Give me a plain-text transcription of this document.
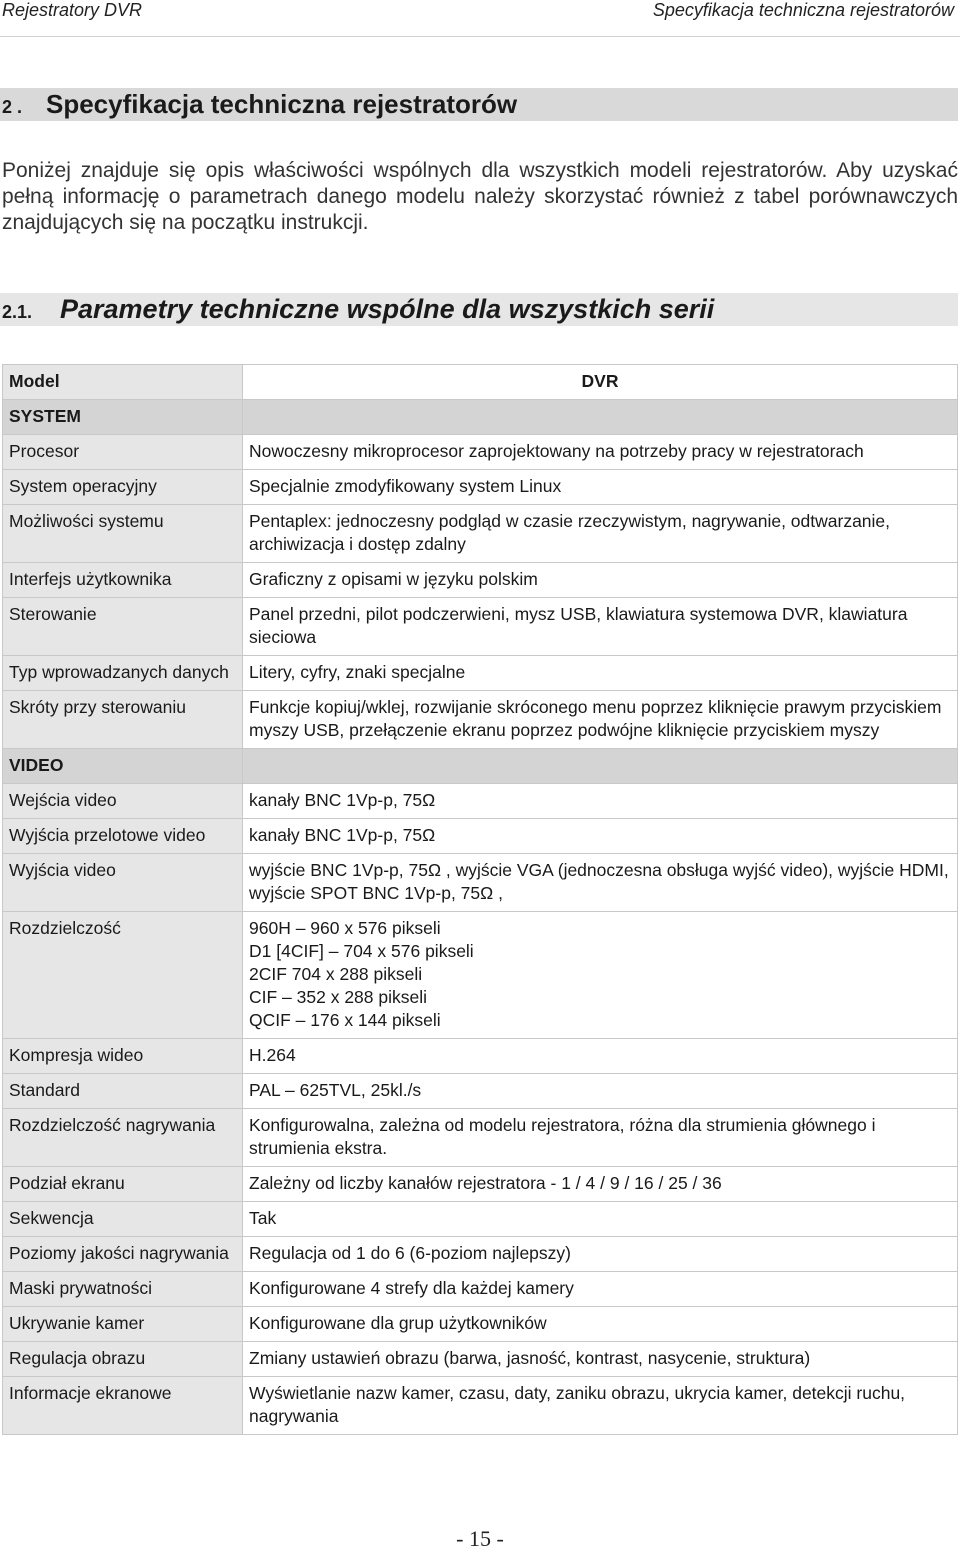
Rejestratory DVR	Specyfikacja techniczna rejestratorów
2 . Specyfikacja techniczna rejestratorów
Poniżej znajduje się opis właściwości wspólnych dla wszystkich modeli rejestratorów. Aby uzyskać pełną informację o parametrach danego modelu należy skorzystać również z tabel porównawczych znajdujących się na początku instrukcji.
2.1. Parametry techniczne wspólne dla wszystkich serii
Model	DVR
SYSTEM	
Procesor	Nowoczesny mikroprocesor zaprojektowany na potrzeby pracy w rejestratorach
System operacyjny	Specjalnie zmodyfikowany system Linux
Możliwości systemu	Pentaplex: jednoczesny podgląd w czasie rzeczywistym, nagrywanie, odtwarzanie, archiwizacja i dostęp zdalny
Interfejs użytkownika	Graficzny z opisami w języku polskim
Sterowanie	Panel przedni, pilot podczerwieni, mysz USB, klawiatura systemowa DVR, klawiatura sieciowa
Typ wprowadzanych danych	Litery, cyfry, znaki specjalne
Skróty przy sterowaniu	Funkcje kopiuj/wklej, rozwijanie skróconego menu poprzez kliknięcie prawym przyciskiem myszy USB, przełączenie ekranu poprzez podwójne kliknięcie przyciskiem myszy
VIDEO	
Wejścia video	kanały BNC 1Vp-p, 75Ω
Wyjścia przelotowe video	kanały BNC 1Vp-p, 75Ω
Wyjścia video	wyjście BNC 1Vp-p, 75Ω , wyjście VGA (jednoczesna obsługa wyjść video), wyjście HDMI, wyjście SPOT BNC 1Vp-p, 75Ω ,
Rozdzielczość	960H – 960 x 576 pikseli
D1 [4CIF] – 704 x 576 pikseli
2CIF 704 x 288 pikseli
CIF – 352 x 288 pikseli
QCIF – 176 x 144 pikseli
Kompresja wideo	H.264
Standard	PAL – 625TVL, 25kl./s
Rozdzielczość nagrywania	Konfigurowalna, zależna od modelu rejestratora, różna dla strumienia głównego i strumienia ekstra.
Podział ekranu	Zależny od liczby kanałów rejestratora - 1 / 4 / 9 / 16 / 25 / 36
Sekwencja	Tak
Poziomy jakości nagrywania	Regulacja od 1 do 6 (6-poziom najlepszy)
Maski prywatności	Konfigurowane 4 strefy dla każdej kamery
Ukrywanie kamer	Konfigurowane dla grup użytkowników
Regulacja obrazu	Zmiany ustawień obrazu (barwa, jasność, kontrast, nasycenie, struktura)
Informacje ekranowe	Wyświetlanie nazw kamer, czasu, daty, zaniku obrazu, ukrycia kamer, detekcji ruchu, nagrywania
- 15 -
